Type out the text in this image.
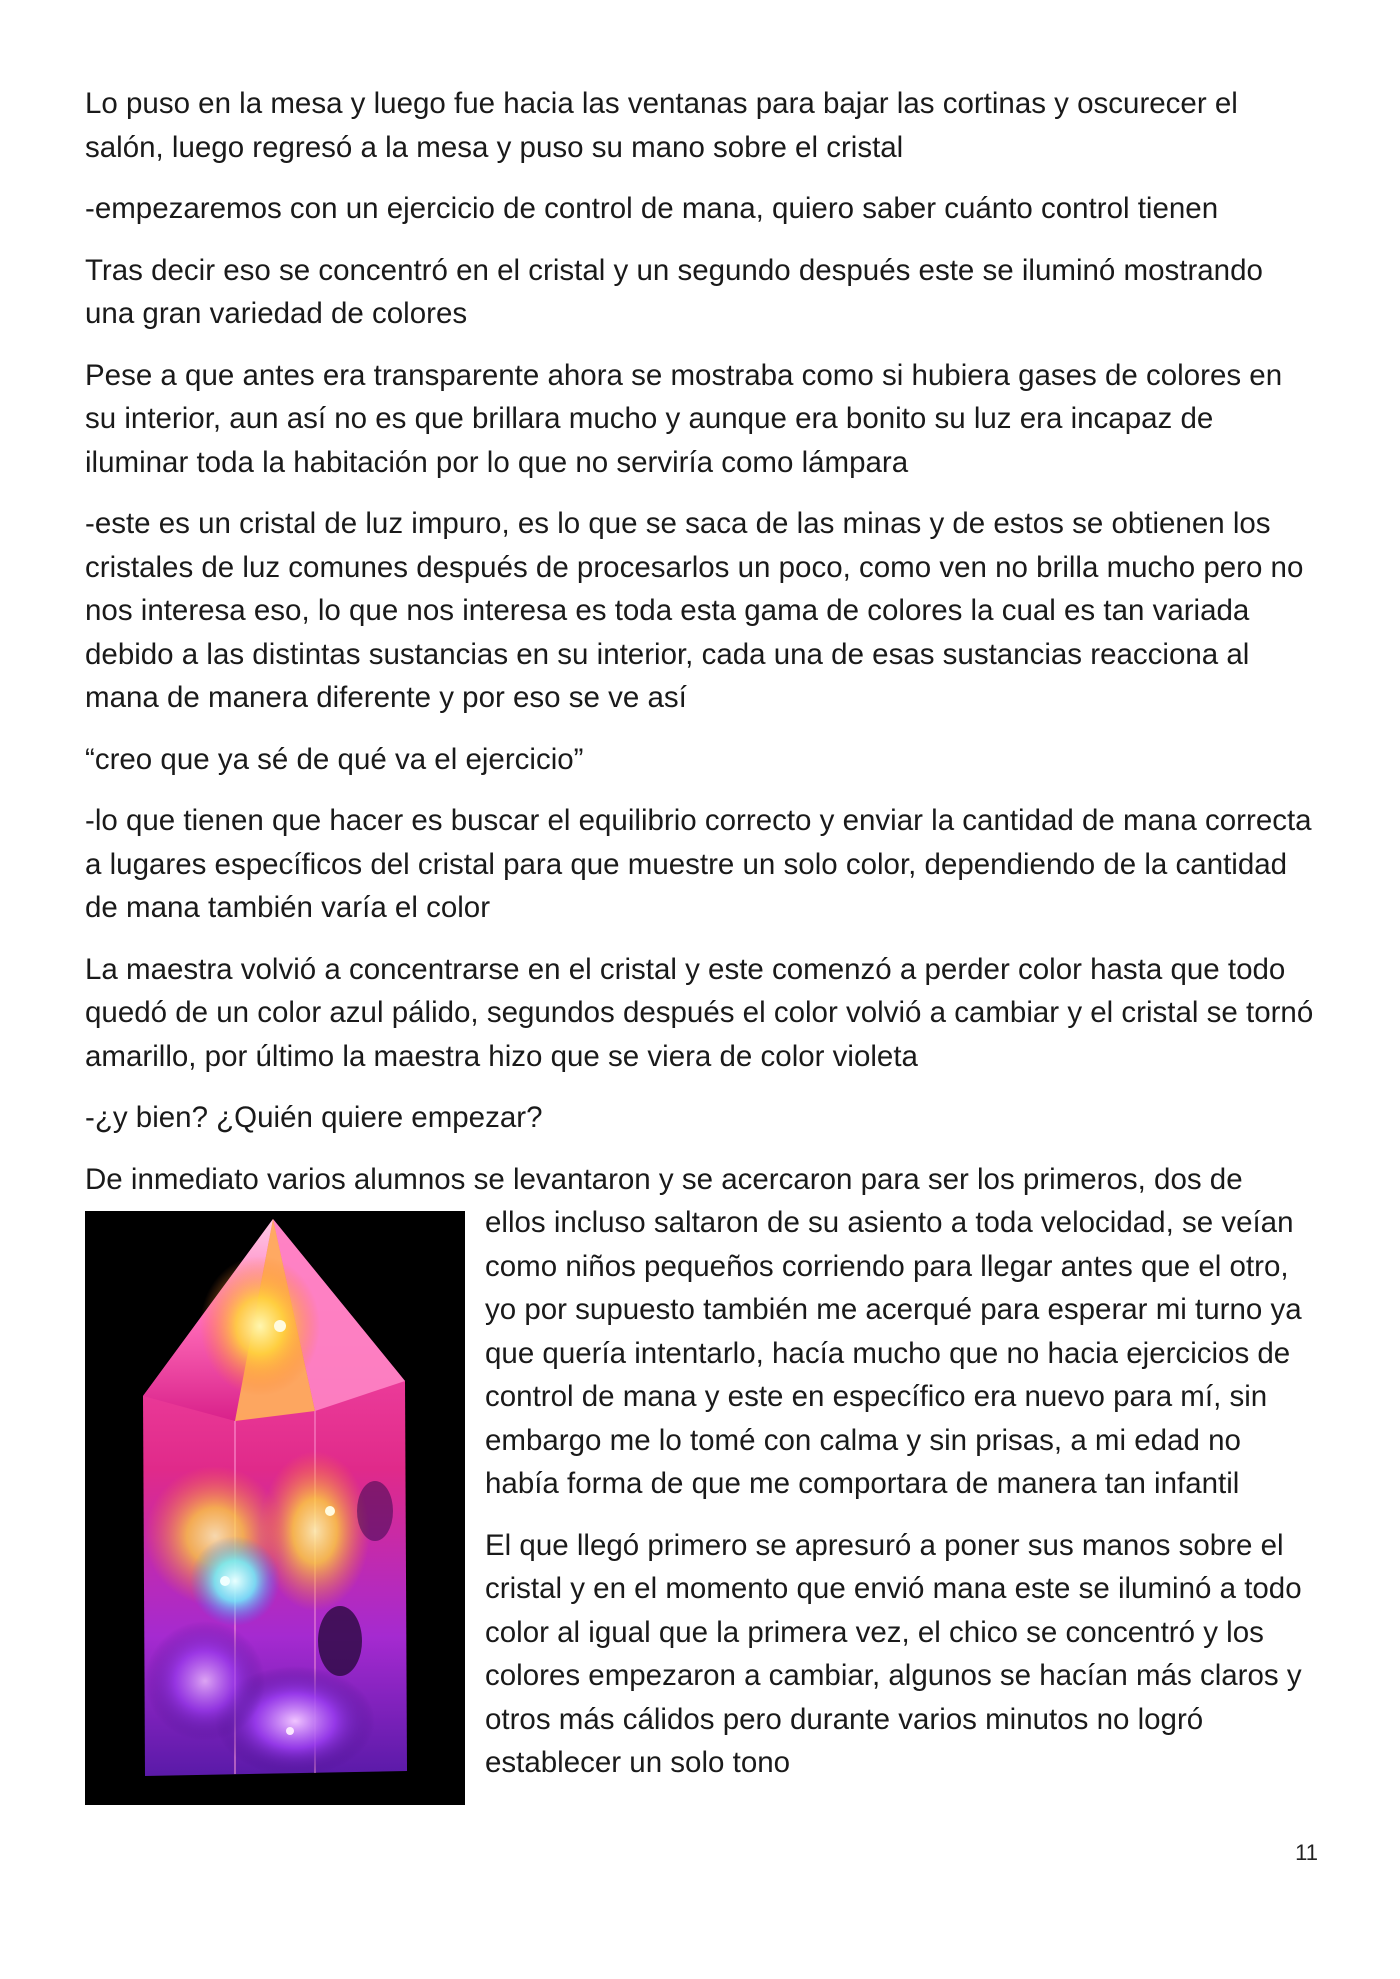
Lo puso en la mesa y luego fue hacia las ventanas para bajar las cortinas y oscurecer el salón, luego regresó a la mesa y puso su mano sobre el cristal

-empezaremos con un ejercicio de control de mana, quiero saber cuánto control tienen

Tras decir eso se concentró en el cristal y un segundo después este se iluminó mostrando una gran variedad de colores

Pese a que antes era transparente ahora se mostraba como si hubiera gases de colores en su interior, aun así no es que brillara mucho y aunque era bonito su luz era incapaz de iluminar toda la habitación por lo que no serviría como lámpara

-este es un cristal de luz impuro, es lo que se saca de las minas y de estos se obtienen los cristales de luz comunes después de procesarlos un poco, como ven no brilla mucho pero no nos interesa eso, lo que nos interesa es toda esta gama de colores la cual es tan variada debido a las distintas sustancias en su interior, cada una de esas sustancias reacciona al mana de manera diferente y por eso se ve así

“creo que ya sé de qué va el ejercicio”

-lo que tienen que hacer es buscar el equilibrio correcto y enviar la cantidad de mana correcta a lugares específicos del cristal para que muestre un solo color, dependiendo de la cantidad de mana también varía el color

La maestra volvió a concentrarse en el cristal y este comenzó a perder color hasta que todo quedó de un color azul pálido, segundos después el color volvió a cambiar y el cristal se tornó amarillo, por último la maestra hizo que se viera de color violeta

-¿y bien? ¿Quién quiere empezar?

De inmediato varios alumnos se levantaron y se acercaron para ser los primeros, dos de

ellos incluso saltaron de su asiento a toda velocidad, se veían como niños pequeños corriendo para llegar antes que el otro, yo por supuesto también me acerqué para esperar mi turno ya que quería intentarlo, hacía mucho que no hacia ejercicios de control de mana y este en específico era nuevo para mí, sin embargo me lo tomé con calma y sin prisas, a mi edad no había forma de que me comportara de manera tan infantil

El que llegó primero se apresuró a poner sus manos sobre el cristal y en el momento que envió mana este se iluminó a todo color al igual que la primera vez, el chico se concentró y los colores empezaron a cambiar, algunos se hacían más claros y otros más cálidos pero durante varios minutos no logró establecer un solo tono

11
